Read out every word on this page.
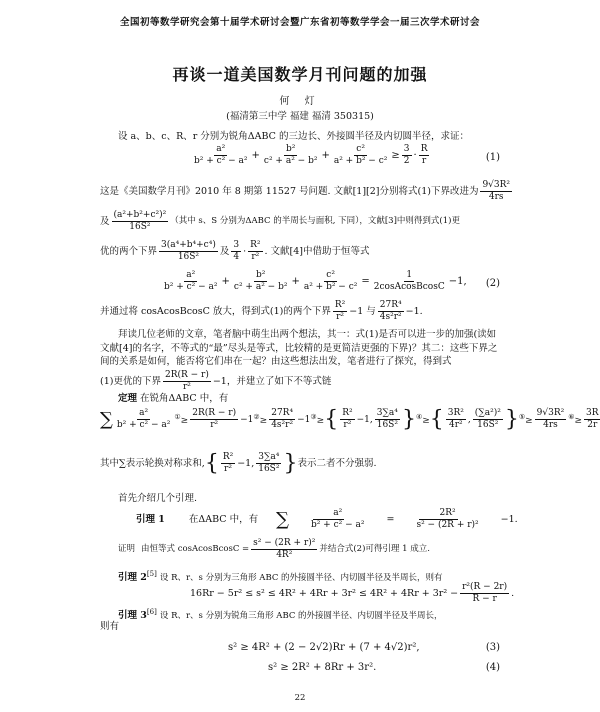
全国初等数学研究会第十届学术研讨会暨广东省初等数学学会一届三次学术研讨会
再谈一道美国数学月刊问题的加强
何 灯
(福清第三中学 福建 福清 350315)
设 a、b、c、R、r 分别为锐角ΔABC 的三边长、外接圆半径及内切圆半径，求证：
$\frac{\text{a²}}{\text{b² + c² − a²}} + \frac{\text{b²}}{\text{c² + a² − b²}} + \frac{\text{c²}}{\text{a² + b² − c²}} \ge \frac{3}{2} \cdot \frac{R}{r}$	(1)
这是《美国数学月刊》2010 年 8 期第 11527 号问题. 文献[1][2]分别将式(1)下界改进为 $\frac{\text{9√3R²}}{4rs}$
及 $\frac{\text{(a²+b²+c²)²}}{\text{16S²}}$ （其中 s、S 分别为ΔABC 的半周长与面积, 下同），文献[3]中则得到式(1)更
优的两个下界 $\frac{\text{3(a⁴+b⁴+c⁴)}}{\text{16S²}}$ 及 $\frac{3}{4} \cdot \frac{\text{R²}}{\text{r²}}$ . 文献[4]中借助于恒等式
$\frac{\text{a²}}{\text{b² + c² − a²}} + \frac{\text{b²}}{\text{c² + a² − b²}} + \frac{\text{c²}}{\text{a² + b² − c²}} = \frac{1}{\text{2cosAcosBcosC}} -1$, (2)
并通过将 cosAcosBcosC 放大，得到式(1)的两个下界 $\frac{\text{R²}}{\text{r²}} -1$ 与 $\frac{\text{27R⁴}}{\text{4s²r²}} -1$.
拜读几位老师的文章，笔者脑中萌生出两个想法，其一：式(1)是否可以进一步的加强(读如文献[4]的名字，不等式的“最”尽头是等式，比较精的是更简洁更强的下界)？其二：这些下界之间的关系是如何，能否将它们串在一起？由这些想法出发，笔者进行了探究，得到式
(1)更优的下界 $\frac{2R(R - r)}{\text{r²}} -1$，并建立了如下不等式链
定理 在锐角ΔABC 中，有
∑ $\frac{\text{a²}}{\text{b² + c² − a²}} ^①\ge \frac{2R(R - r)}{\text{r²}} -1$ $^②\ge \frac{\text{27R⁴}}{\text{4s²r²}} -1$ ③≥ { $\frac{\text{R²}}{\text{r²}} -1$, $\frac{\text{3∑a⁴}}{\text{16S²}}$ } ④≥ { $\frac{\text{3R²}}{\text{4r²}}$ , $\frac{\text{(∑a²)²}}{\text{16S²}}$ } $^⑤\ge \frac{\text{9√3R²}}{4rs} ^⑥\ge \frac{3R}{2r}$
其中∑表示轮换对称求和, { $\frac{\text{R²}}{\text{r²}} -1$, $\frac{\text{3∑a⁴}}{\text{16S²}}$ } 表示二者不分强弱.
首先介绍几个引理.
引理 1	在ΔABC 中，有	∑ $\frac{\text{a²}}{\text{b² + c² − a²}}$	= $\frac{\text{2R²}}{\text{s² − (2R + r)²}}$	−1.
证明 由恒等式 cosAcosBcosC = $\frac{\text{s² − (2R + r)²}}{\text{4R²}}$ 并结合式(2)可得引理 1 成立.
引理 2[5] 设 R、r、s 分别为三角形 ABC 的外接圆半径、内切圆半径及半周长，则有
$16Rr - 5r^2 \le s^2 \le 4R^2 + 4Rr + 3r^2 \le 4R^2 + 4Rr + 3r^2 - \frac{\text{r²(R − 2r)}}{R - r}$ .
引理 3[6] 设 R、r、s 分别为锐角三角形 ABC 的外接圆半径、内切圆半径及半周长，
则有
s² ≥ 4R² + (2 − 2√2)Rr + (7 + 4√2)r²,	(3)
s² ≥ 2R² + 8Rr + 3r².	(4)
22
